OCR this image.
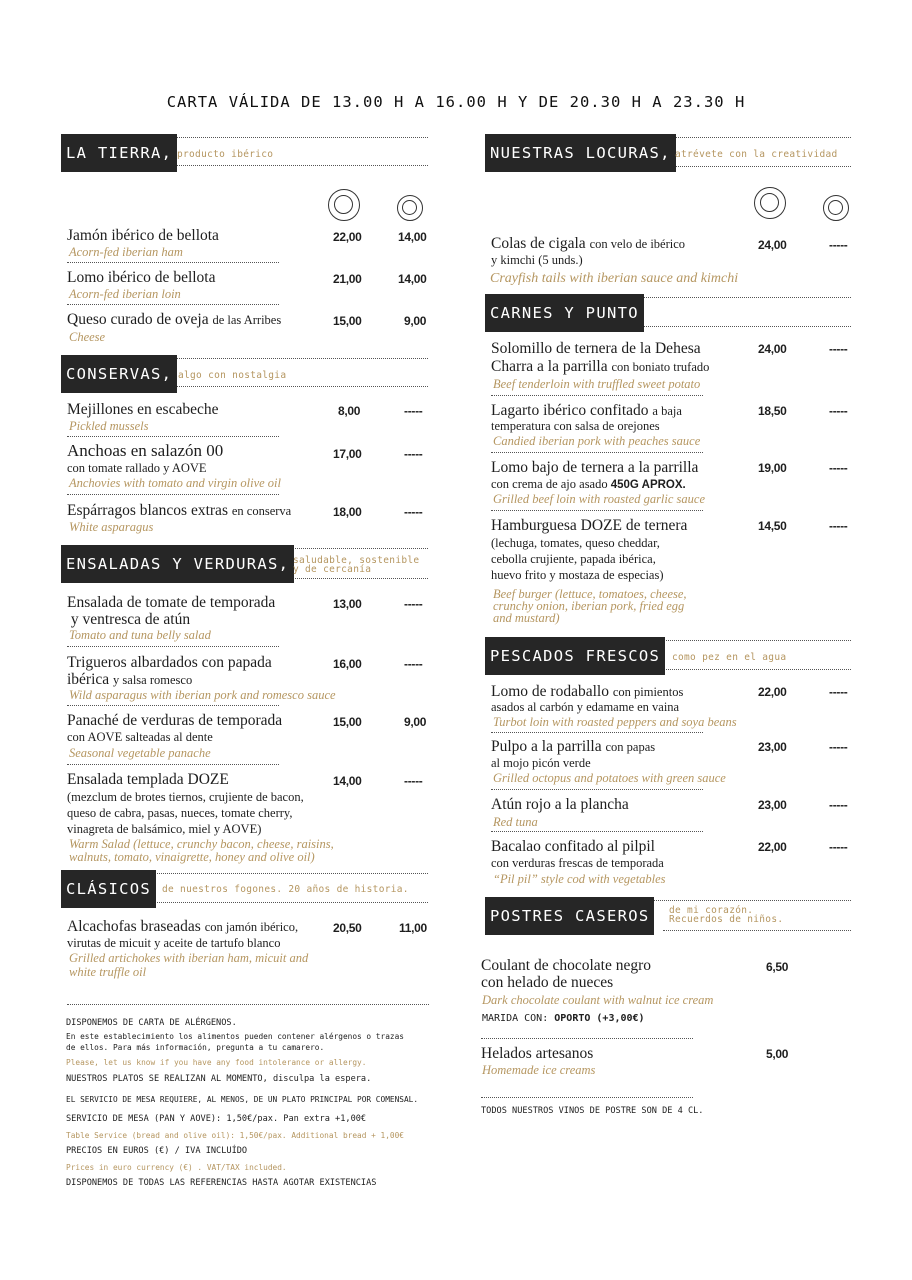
CARTA VÁLIDA DE 13.00 H A 16.00 H Y DE 20.30 H A 23.30 H
LA TIERRA, producto ibérico
Jamón ibérico de bellota
Acorn-fed iberian ham
22,00	14,00
Lomo ibérico de bellota
Acorn-fed iberian loin
21,00	14,00
Queso curado de oveja de las Arribes
Cheese
15,00	9,00
CONSERVAS, algo con nostalgia
Mejillones en escabeche
Pickled mussels
8,00	-----
Anchoas en salazón 00
con tomate rallado y AOVE
Anchovies with tomato and virgin olive oil
17,00	-----
Espárragos blancos extras en conserva
White asparagus
18,00	-----
ENSALADAS Y VERDURAS, saludable, sostenible
y de cercanía
Ensalada de tomate de temporada
y ventresca de atún
Tomato and tuna belly salad
13,00	-----
Trigueros albardados con papada
ibérica y salsa romesco
Wild asparagus with iberian pork and romesco sauce
16,00	-----
Panaché de verduras de temporada
con AOVE salteadas al dente
Seasonal vegetable panache
15,00	9,00
Ensalada templada DOZE
(mezclum de brotes tiernos, crujiente de bacon,
queso de cabra, pasas, nueces, tomate cherry,
vinagreta de balsámico, miel y AOVE)
Warm Salad (lettuce, crunchy bacon, cheese, raisins,
walnuts, tomato, vinaigrette, honey and olive oil)
14,00	-----
CLÁSICOS	de nuestros fogones. 20 años de historia.
Alcachofas braseadas con jamón ibérico,
virutas de micuit y aceite de tartufo blanco
Grilled artichokes with iberian ham, micuit and
white truffle oil
20,50	11,00
DISPONEMOS DE CARTA DE ALÉRGENOS.
En este establecimiento los alimentos pueden contener alérgenos o trazas
de ellos. Para más información, pregunta a tu camarero.
Please, let us know if you have any food intolerance or allergy.
NUESTROS PLATOS SE REALIZAN AL MOMENTO, disculpa la espera.
EL SERVICIO DE MESA REQUIERE, AL MENOS, DE UN PLATO PRINCIPAL POR COMENSAL.
SERVICIO DE MESA (PAN Y AOVE): 1,50€/pax. Pan extra +1,00€
Table Service (bread and olive oil): 1,50€/pax. Additional bread + 1,00€
PRECIOS EN EUROS (€) / IVA INCLUÍDO
Prices in euro currency (€) . VAT/TAX included.
DISPONEMOS DE TODAS LAS REFERENCIAS HASTA AGOTAR EXISTENCIAS
NUESTRAS LOCURAS, atrévete con la creatividad
Colas de cigala con velo de ibérico
y kimchi (5 unds.)
Crayfish tails with iberian sauce and kimchi
24,00	-----
CARNES Y PUNTO
Solomillo de ternera de la Dehesa
Charra a la parrilla con boniato trufado
Beef tenderloin with truffled sweet potato
24,00	-----
Lagarto ibérico confitado a baja
temperatura con salsa de orejones
Candied iberian pork with peaches sauce
18,50	-----
Lomo bajo de ternera a la parrilla
con crema de ajo asado 450G APROX.
Grilled beef loin with roasted garlic sauce
19,00	-----
Hamburguesa DOZE de ternera
(lechuga, tomates, queso cheddar,
cebolla crujiente, papada ibérica,
huevo frito y mostaza de especias)
Beef burger (lettuce, tomatoes, cheese,
crunchy onion, iberian pork, fried egg
and mustard)
14,50	-----
PESCADOS FRESCOS	como pez en el agua
Lomo de rodaballo con pimientos
asados al carbón y edamame en vaina
Turbot loin with roasted peppers and soya beans
22,00	-----
Pulpo a la parrilla con papas
al mojo picón verde
Grilled octopus and potatoes with green sauce
23,00	-----
Atún rojo a la plancha
Red tuna
23,00	-----
Bacalao confitado al pilpil
con verduras frescas de temporada
“Pil pil” style cod with vegetables
22,00	-----
POSTRES CASEROS	de mi corazón.
Recuerdos de niños.
Coulant de chocolate negro
con helado de nueces
Dark chocolate coulant with walnut ice cream
MARIDA CON: OPORTO (+3,00€)
6,50
Helados artesanos
Homemade ice creams
5,00
TODOS NUESTROS VINOS DE POSTRE SON DE 4 CL.
